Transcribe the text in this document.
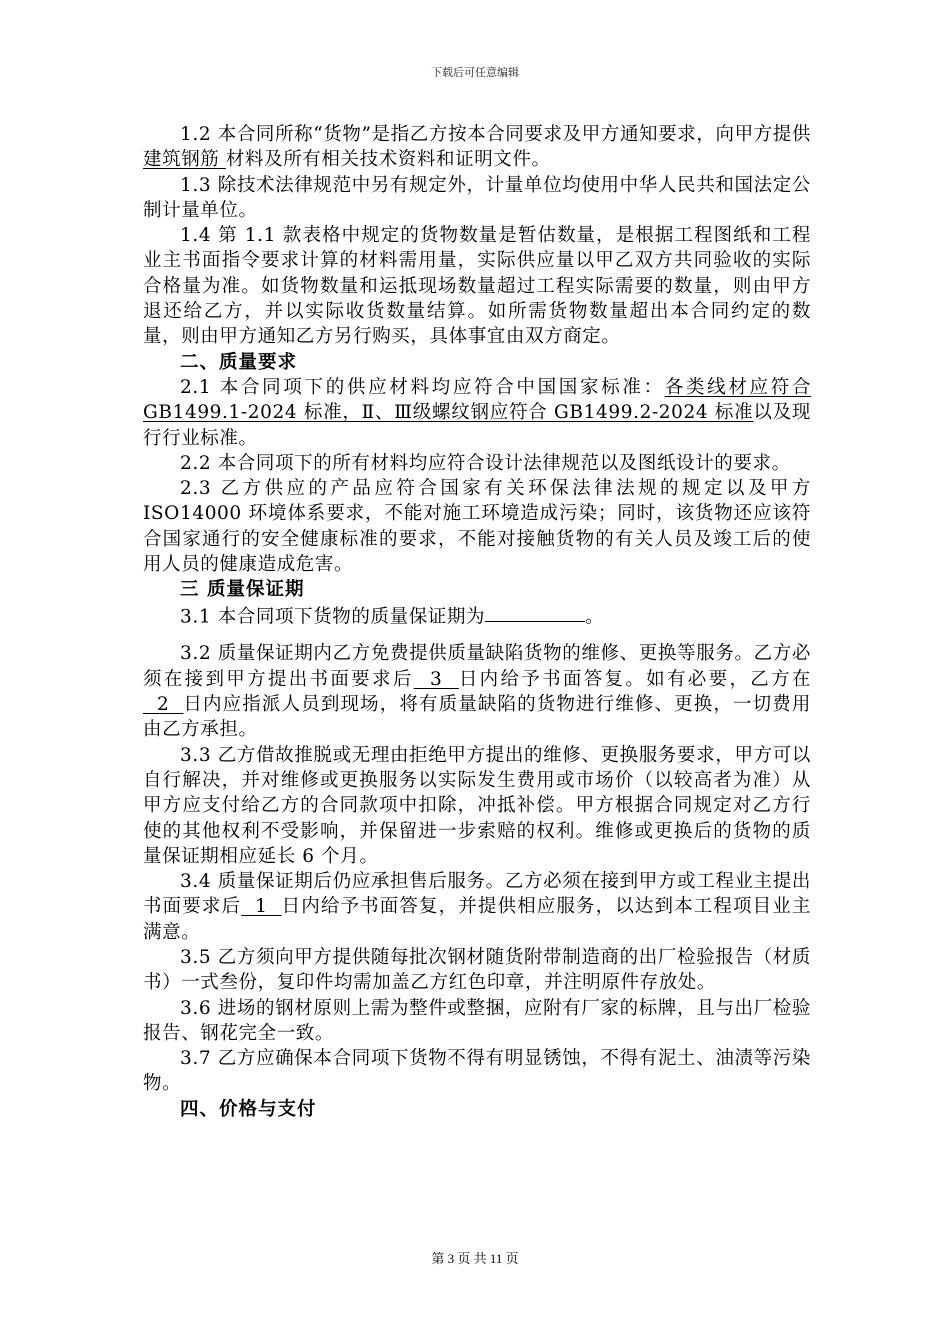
下载后可任意编辑

1.2 本合同所称“货物”是指乙方按本合同要求及甲方通知要求，向甲方提供建筑钢筋 材料及所有相关技术资料和证明文件。

1.3 除技术法律规范中另有规定外，计量单位均使用中华人民共和国法定公制计量单位。

1.4 第 1.1 款表格中规定的货物数量是暂估数量，是根据工程图纸和工程业主书面指令要求计算的材料需用量，实际供应量以甲乙双方共同验收的实际合格量为准。如货物数量和运抵现场数量超过工程实际需要的数量，则由甲方退还给乙方，并以实际收货数量结算。如所需货物数量超出本合同约定的数量，则由甲方通知乙方另行购买，具体事宜由双方商定。

二、质量要求

2.1 本合同项下的供应材料均应符合中国国家标准：各类线材应符合 GB1499.1-2024 标准，Ⅱ、Ⅲ级螺纹钢应符合 GB1499.2-2024 标准以及现行行业标准。

2.2 本合同项下的所有材料均应符合设计法律规范以及图纸设计的要求。

2.3 乙方供应的产品应符合国家有关环保法律法规的规定以及甲方 ISO14000 环境体系要求，不能对施工环境造成污染；同时，该货物还应该符合国家通行的安全健康标准的要求，不能对接触货物的有关人员及竣工后的使用人员的健康造成危害。

三 质量保证期

3.1 本合同项下货物的质量保证期为	。

3.2 质量保证期内乙方免费提供质量缺陷货物的维修、更换等服务。乙方必须在接到甲方提出书面要求后  3  日内给予书面答复。如有必要，乙方在  2  日内应指派人员到现场，将有质量缺陷的货物进行维修、更换，一切费用由乙方承担。

3.3 乙方借故推脱或无理由拒绝甲方提出的维修、更换服务要求，甲方可以自行解决，并对维修或更换服务以实际发生费用或市场价（以较高者为准）从甲方应支付给乙方的合同款项中扣除，冲抵补偿。甲方根据合同规定对乙方行使的其他权利不受影响，并保留进一步索赔的权利。维修或更换后的货物的质量保证期相应延长 6 个月。

3.4 质量保证期后仍应承担售后服务。乙方必须在接到甲方或工程业主提出书面要求后  1  日内给予书面答复，并提供相应服务，以达到本工程项目业主满意。

3.5 乙方须向甲方提供随每批次钢材随货附带制造商的出厂检验报告（材质书）一式叁份，复印件均需加盖乙方红色印章，并注明原件存放处。

3.6 进场的钢材原则上需为整件或整捆，应附有厂家的标牌，且与出厂检验报告、钢花完全一致。

3.7 乙方应确保本合同项下货物不得有明显锈蚀，不得有泥土、油渍等污染物。

四、价格与支付

第 3 页 共 11 页
